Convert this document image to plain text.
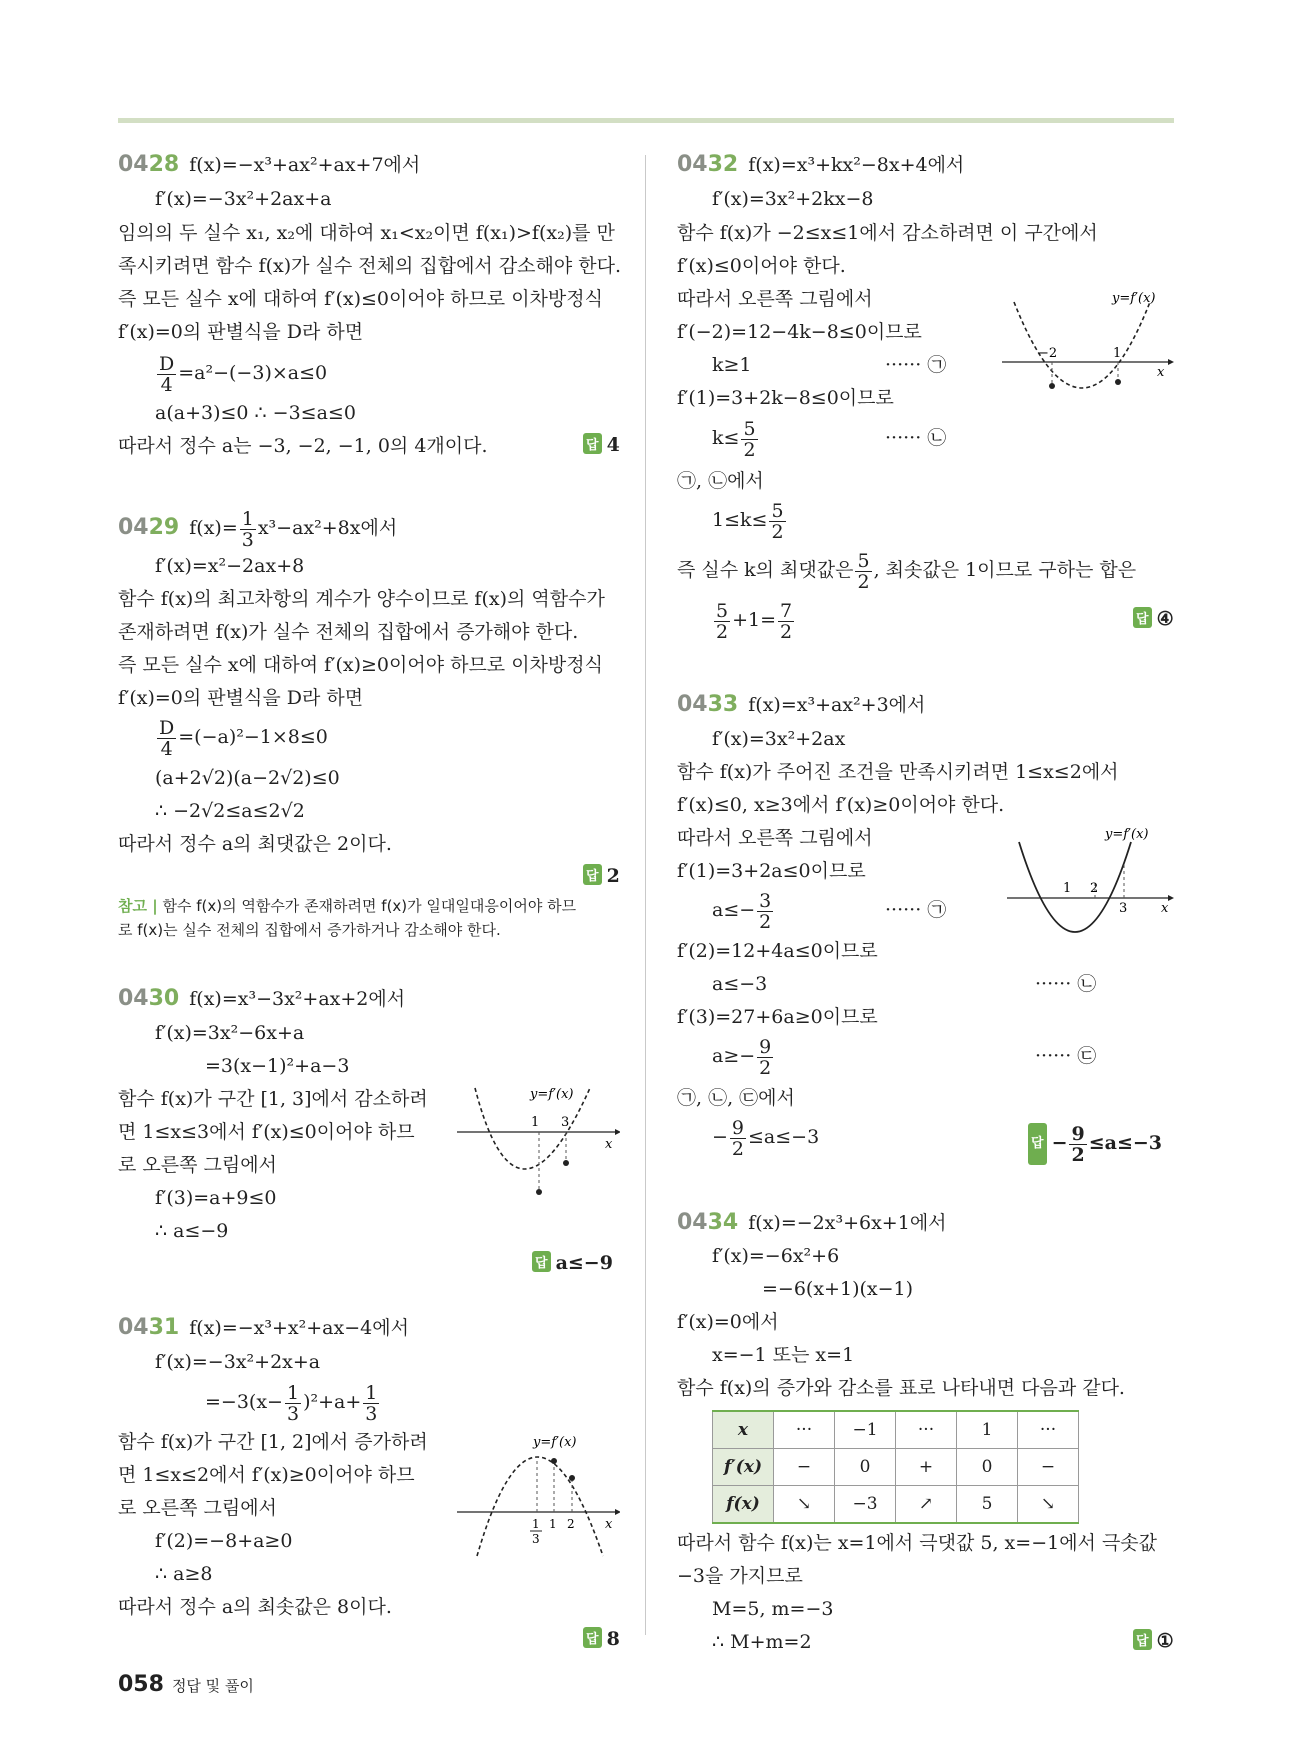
0428 f(x)=−x³+ax²+ax+7에서
f′(x)=−3x²+2ax+a
임의의 두 실수 x₁, x₂에 대하여 x₁<x₂이면 f(x₁)>f(x₂)를 만
족시키려면 함수 f(x)가 실수 전체의 집합에서 감소해야 한다.
즉 모든 실수 x에 대하여 f′(x)≤0이어야 하므로 이차방정식
f′(x)=0의 판별식을 D라 하면
$\frac{D}{4} =a^2-(-3)\times a\le 0$
a(a+3)≤0 ∴ −3≤a≤0
따라서 정수 a는 −3, −2, −1, 0의 4개이다.	답 4
0429 $f(x)= \frac{1}{3} x^3-ax^2+8x$에서
f′(x)=x²−2ax+8
함수 f(x)의 최고차항의 계수가 양수이므로 f(x)의 역함수가
존재하려면 f(x)가 실수 전체의 집합에서 증가해야 한다.
즉 모든 실수 x에 대하여 f′(x)≥0이어야 하므로 이차방정식
f′(x)=0의 판별식을 D라 하면
$\frac{D}{4} =(-a)^2-1\times 8\le 0$
(a+2√2)(a−2√2)≤0
∴ −2√2≤a≤2√2
따라서 정수 a의 최댓값은 2이다.
답 2
참고 | 함수 f(x)의 역함수가 존재하려면 f(x)가 일대일대응이어야 하므
로 f(x)는 실수 전체의 집합에서 증가하거나 감소해야 한다.
0430 f(x)=x³−3x²+ax+2에서
f′(x)=3x²−6x+a
=3(x−1)²+a−3
함수 f(x)가 구간 [1, 3]에서 감소하려
면 1≤x≤3에서 f′(x)≤0이어야 하므
로 오른쪽 그림에서
f′(3)=a+9≤0
∴ a≤−9
1 3
x
y=f′(x)
답 a≤−9
0431 f(x)=−x³+x²+ax−4에서
f′(x)=−3x²+2x+a
$=-3(x- \frac{1}{3} )^2+a+ \frac{1}{3}$
함수 f(x)가 구간 [1, 2]에서 증가하려
면 1≤x≤2에서 f′(x)≥0이어야 하므
로 오른쪽 그림에서
f′(2)=−8+a≥0
∴ a≥8
따라서 정수 a의 최솟값은 8이다.
1
3
1 2 x
y=f′(x)
답 8
0432 f(x)=x³+kx²−8x+4에서
f′(x)=3x²+2kx−8
함수 f(x)가 −2≤x≤1에서 감소하려면 이 구간에서
f′(x)≤0이어야 한다.
따라서 오른쪽 그림에서
f′(−2)=12−4k−8≤0이므로
k≥1	······ ㉠
f′(1)=3+2k−8≤0이므로
$k\le \frac{5}{2}$	······ ㉡
㉠, ㉡에서
$1\le k\le \frac{5}{2}$
즉 실수 k의 최댓값은 $\frac{5}{2}$ , 최솟값은 1이므로 구하는 합은
$\frac{5}{2} +1= \frac{7}{2}$
−2	1
x
y=f′(x)
답 ④
0433 f(x)=x³+ax²+3에서
f′(x)=3x²+2ax
함수 f(x)가 주어진 조건을 만족시키려면 1≤x≤2에서
f′(x)≤0, x≥3에서 f′(x)≥0이어야 한다.
따라서 오른쪽 그림에서
f′(1)=3+2a≤0이므로
$a\le- \frac{3}{2}$	······ ㉠
f′(2)=12+4a≤0이므로
a≤−3	······ ㉡
f′(3)=27+6a≥0이므로
$a\ge- \frac{9}{2}$	······ ㉢
㉠, ㉡, ㉢에서
− $\frac{9}{2} \le a\le-3$
1 2
3	x
y=f′(x)
답 − $\frac{9}{2} \le a\le-3$
0434 f(x)=−2x³+6x+1에서
f′(x)=−6x²+6
=−6(x+1)(x−1)
f′(x)=0에서
x=−1 또는 x=1
함수 f(x)의 증가와 감소를 표로 나타내면 다음과 같다.
x	···	−1	···	1	···
f′(x)	−	0	+	0	−
f(x)	↘	−3	↗	5	↘
따라서 함수 f(x)는 x=1에서 극댓값 5, x=−1에서 극솟값
−3을 가지므로
M=5, m=−3
∴ M+m=2	답 ①
058 정답 및 풀이
